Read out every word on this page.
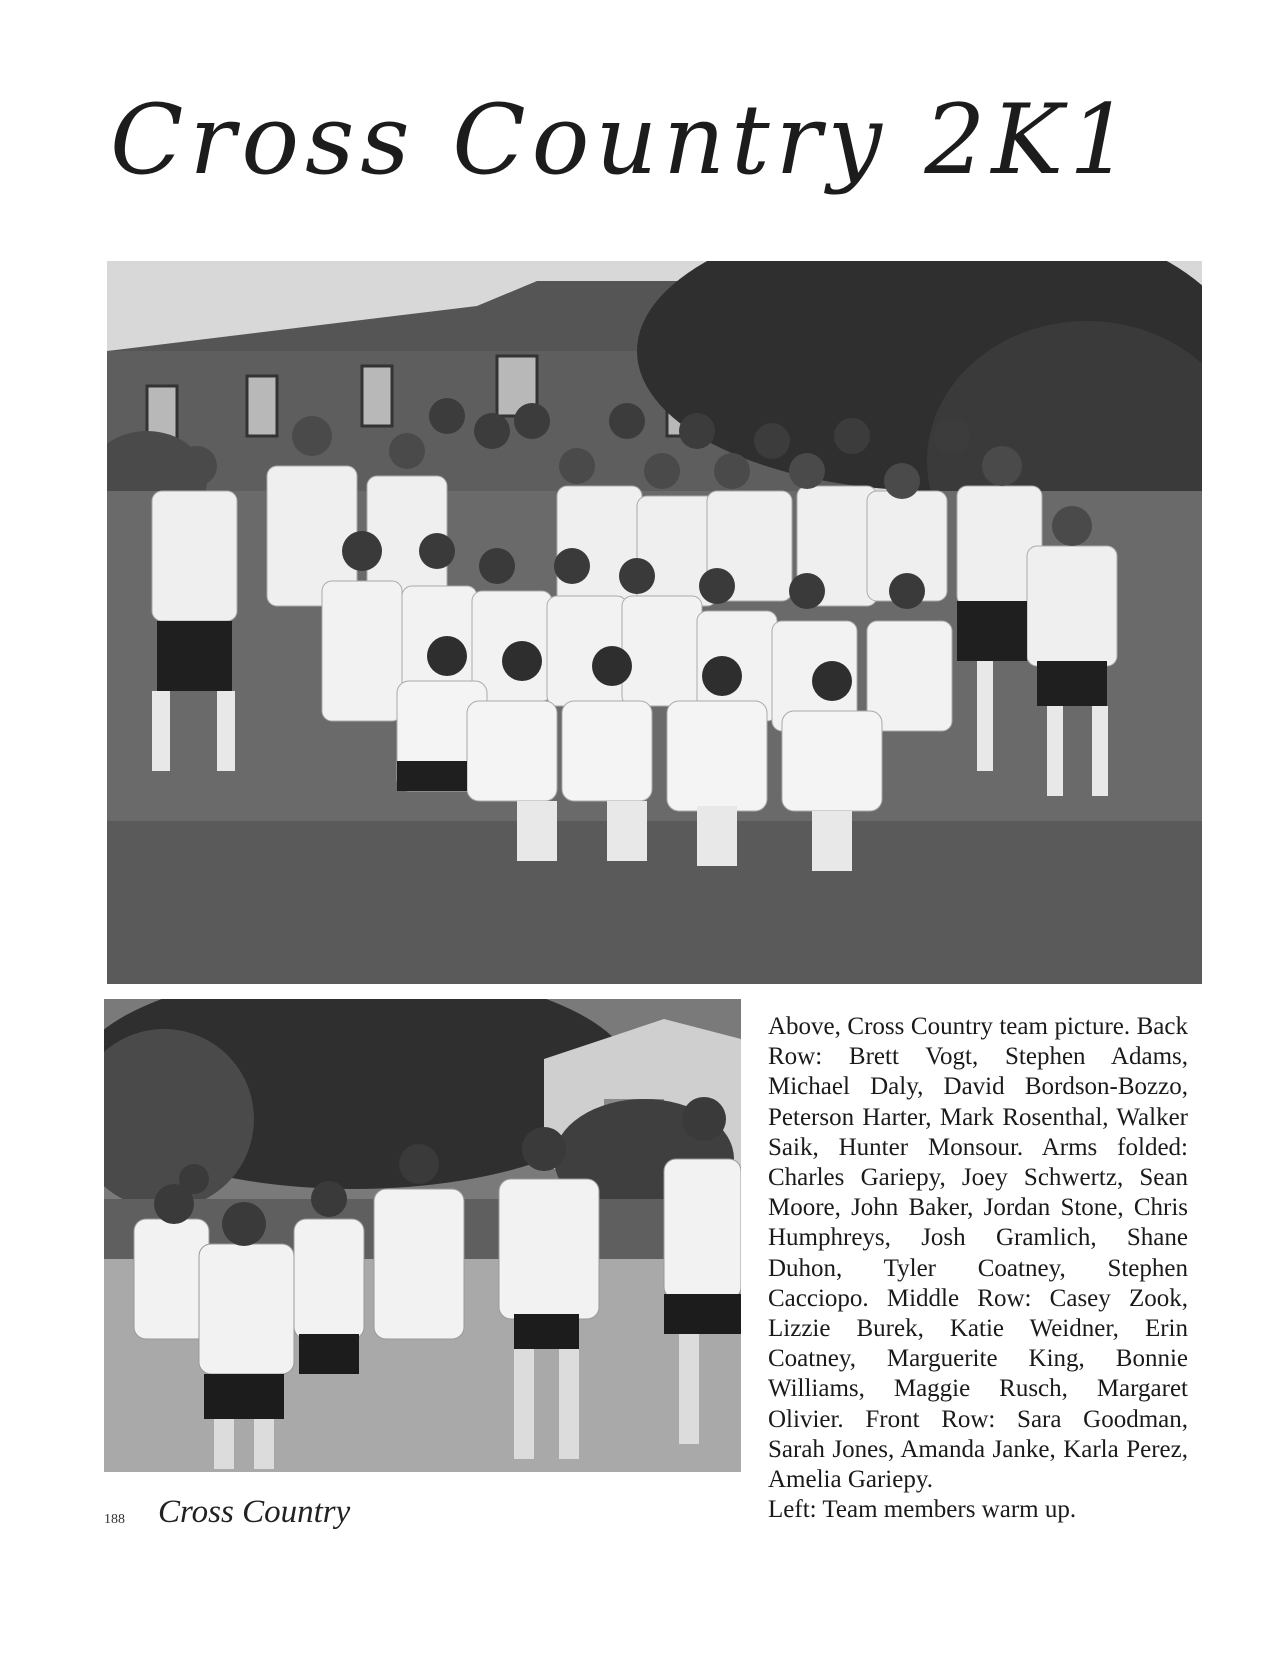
Cross Country 2K1

Above, Cross Country team picture. Back Row: Brett Vogt, Stephen Adams, Michael Daly, David Bordson-Bozzo, Peterson Harter, Mark Rosenthal, Walker Saik, Hunter Monsour. Arms folded: Charles Gariepy, Joey Schwertz, Sean Moore, John Baker, Jordan Stone, Chris Humphreys, Josh Gramlich, Shane Duhon, Tyler Coatney, Stephen Cacciopo. Middle Row: Casey Zook, Lizzie Burek, Katie Weidner, Erin Coatney, Marguerite King, Bonnie Williams, Maggie Rusch, Margaret Olivier. Front Row: Sara Goodman, Sarah Jones, Amanda Janke, Karla Perez, Amelia Gariepy.

Left: Team members warm up.

188 Cross Country
